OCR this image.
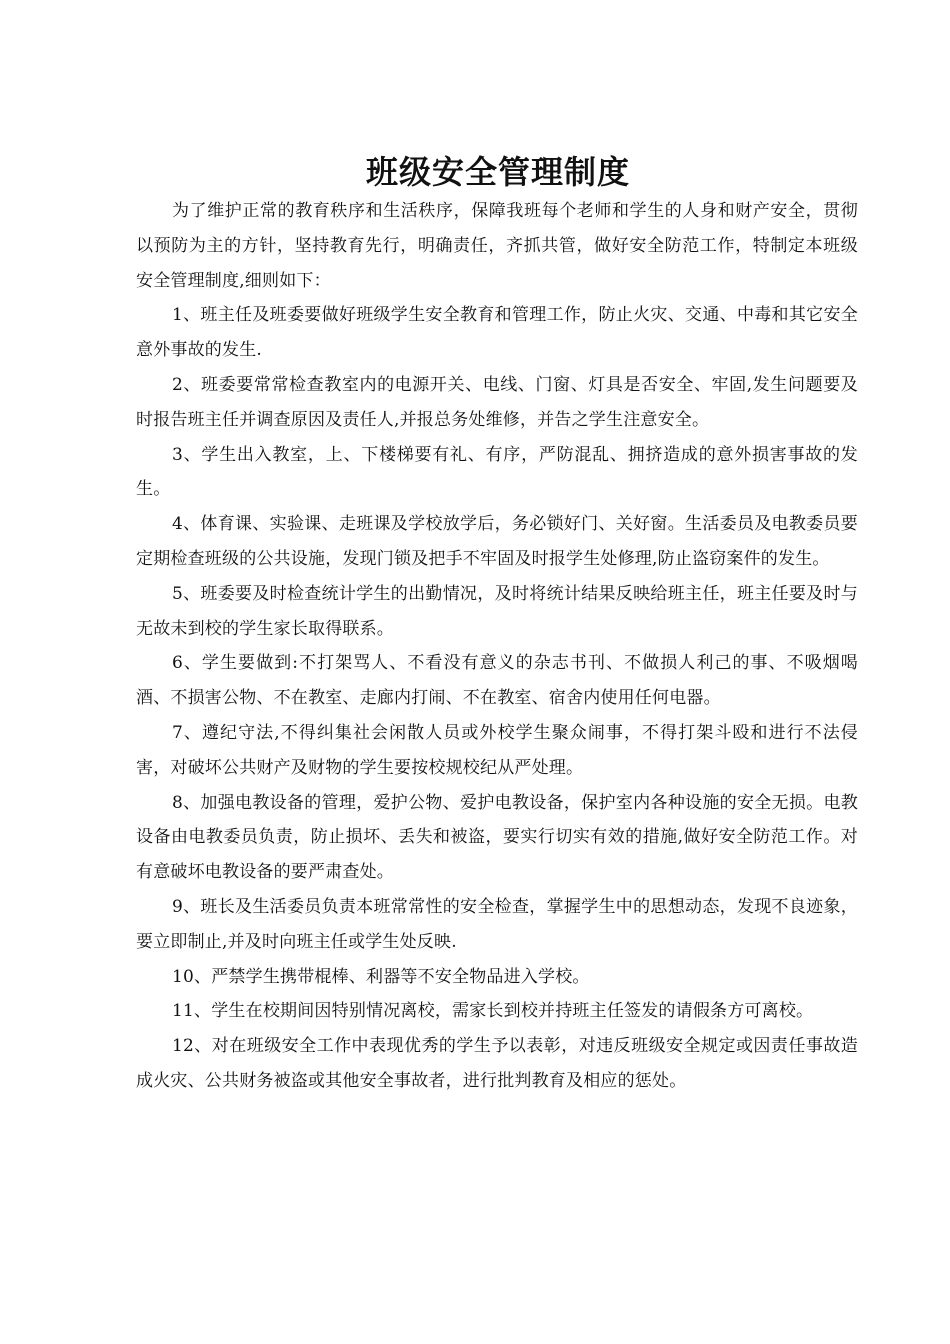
班级安全管理制度

为了维护正常的教育秩序和生活秩序，保障我班每个老师和学生的人身和财产安全，贯彻以预防为主的方针，坚持教育先行，明确责任，齐抓共管，做好安全防范工作，特制定本班级安全管理制度,细则如下：

1、班主任及班委要做好班级学生安全教育和管理工作，防止火灾、交通、中毒和其它安全意外事故的发生.

2、班委要常常检查教室内的电源开关、电线、门窗、灯具是否安全、牢固,发生问题要及时报告班主任并调查原因及责任人,并报总务处维修，并告之学生注意安全。

3、学生出入教室，上、下楼梯要有礼、有序，严防混乱、拥挤造成的意外损害事故的发生。

4、体育课、实验课、走班课及学校放学后，务必锁好门、关好窗。生活委员及电教委员要定期检查班级的公共设施，发现门锁及把手不牢固及时报学生处修理,防止盗窃案件的发生。

5、班委要及时检查统计学生的出勤情况，及时将统计结果反映给班主任，班主任要及时与无故未到校的学生家长取得联系。

6、学生要做到:不打架骂人、不看没有意义的杂志书刊、不做损人利己的事、不吸烟喝酒、不损害公物、不在教室、走廊内打闹、不在教室、宿舍内使用任何电器。

7、遵纪守法,不得纠集社会闲散人员或外校学生聚众闹事，不得打架斗殴和进行不法侵害，对破坏公共财产及财物的学生要按校规校纪从严处理。

8、加强电教设备的管理，爱护公物、爱护电教设备，保护室内各种设施的安全无损。电教设备由电教委员负责，防止损坏、丢失和被盗，要实行切实有效的措施,做好安全防范工作。对有意破坏电教设备的要严肃查处。

9、班长及生活委员负责本班常常性的安全检查，掌握学生中的思想动态，发现不良迹象，要立即制止,并及时向班主任或学生处反映.

10、严禁学生携带棍棒、利器等不安全物品进入学校。

11、学生在校期间因特别情况离校，需家长到校并持班主任签发的请假条方可离校。

12、对在班级安全工作中表现优秀的学生予以表彰，对违反班级安全规定或因责任事故造成火灾、公共财务被盗或其他安全事故者，进行批判教育及相应的惩处。
